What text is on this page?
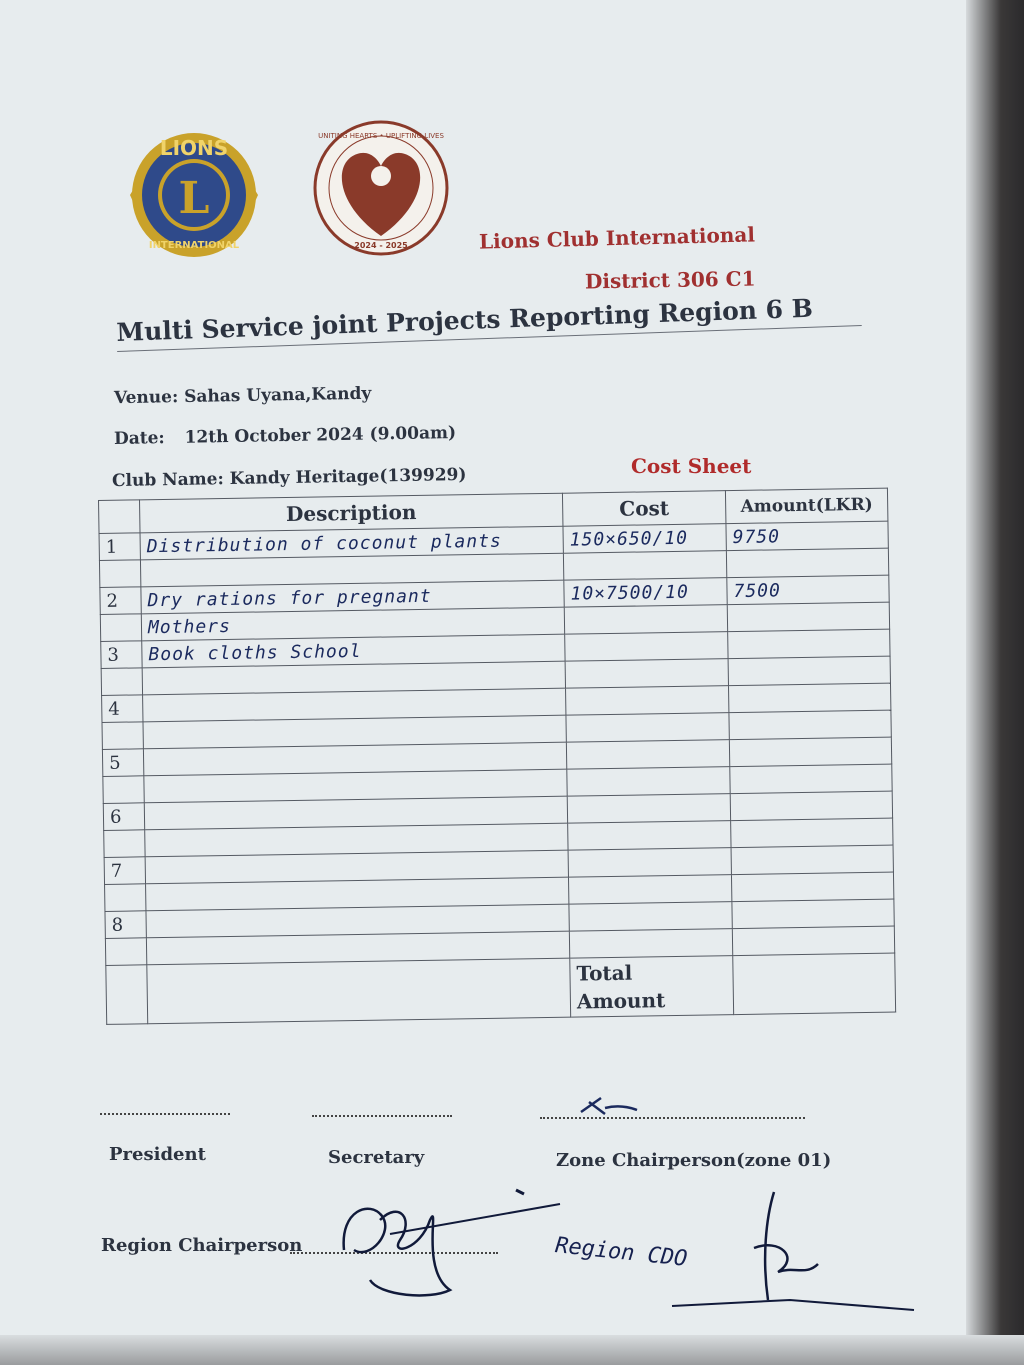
L
LIONS
INTERNATIONAL
UNITING HEARTS • UPLIFTING LIVES
2024 - 2025	Lions Club International
District 306 C1
Multi Service joint Projects Reporting Region 6 B
Venue: Sahas Uyana,Kandy
Date: 12th October 2024 (9.00am)
Club Name: Kandy Heritage(139929)	Cost Sheet
	Description	Cost	Amount(LKR)
1	Distribution of coconut plants	150×650/10	9750

2	Dry rations for pregnant	10×7500/10	7500
	Mothers		
3	Book cloths School		

4			

5			

6			

7			

8			

		Total
Amount	

President	Secretary	Zone Chairperson(zone 01)
Region Chairperson	Region CDO
